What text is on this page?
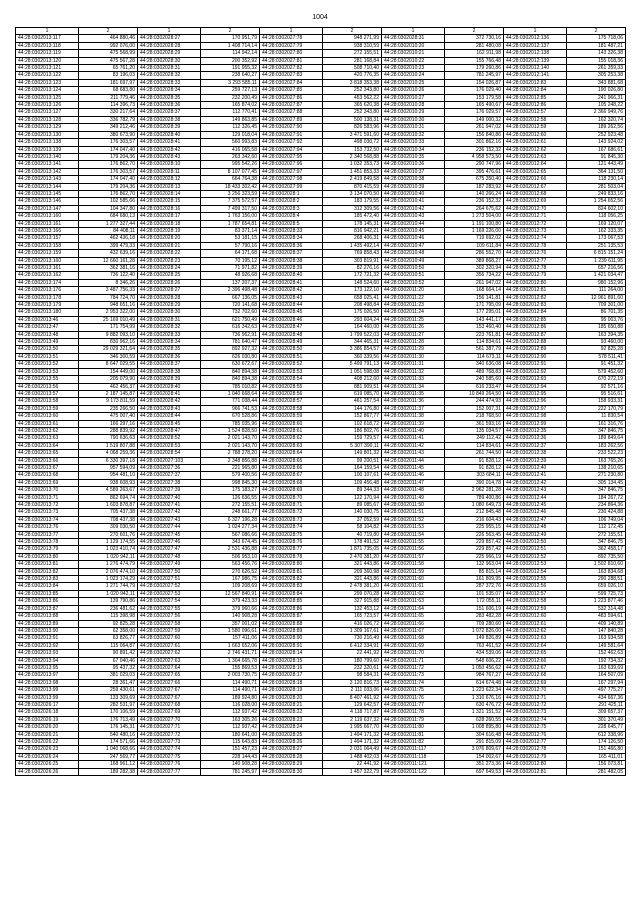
1004
1	2	1	2	1	2	1	2	1	2
44:28:0302013:117	464 880,46	44:28:0302028:27	170 951,79	44:28:0302027:78	948 271,99	44:28:0302028:31	372 730,16	44:28:0302012:136	175 718,06
44:28:0302013:118	992 076,00	44:28:0302028:28	1 408 714,14	44:28:0302027:79	938 310,59	44:28:0302010:20	281 480,08	44:28:0302012:137	181 487,21
44:28:0302013:119	475 568,99	44:28:0302028:29	114 942,14	44:28:0302027:80	272 155,51	44:28:0302010:21	162 911,98	44:28:0302012:138	143 326,38
44:28:0302013:120	475 567,28	44:28:0302028:30	200 352,92	44:28:0302027:81	281 168,84	44:28:0302010:22	155 766,48	44:28:0302012:139	155 018,36
44:28:0302013:121	65 761,20	44:28:0302028:31	191 955,32	44:28:0302027:82	508 710,40	44:28:0302010:23	179 260,86	44:28:0302012:140	261 359,33
44:28:0302013:122	83 196,03	44:28:0302028:32	238 640,27	44:28:0302027:83	420 776,35	44:28:0302010:24	781 245,97	44:28:0302012:141	305 253,38
44:28:0302013:123	181 697,97	44:28:0302028:33	3 293 585,11	44:28:0302027:84	3 818 353,38	44:28:0302010:25	154 026,87	44:28:0302012:83	343 881,68
44:28:0302013:124	68 683,80	44:28:0302028:34	259 727,13	44:28:0302027:85	252 343,80	44:28:0302010:26	176 029,40	44:28:0302012:84	190 026,80
44:28:0302013:125	211 779,46	44:28:0302028:35	232 200,49	44:28:0302027:86	453 562,22	44:28:0302010:27	153 179,58	44:28:0302012:85	241 966,31
44:28:0302013:126	114 396,73	44:28:0302028:36	165 874,02	44:28:0302027:87	365 620,38	44:28:0302010:28	165 490,67	44:28:0302012:86	105 248,22
44:28:0302013:127	330 217,64	44:28:0302028:37	112 770,41	44:28:0302027:88	252 343,80	44:28:0302010:29	176 029,57	44:28:0302012:57	2 366 949,76
44:28:0302013:128	336 782,79	44:28:0302028:38	149 863,85	44:28:0302027:89	500 138,31	44:28:0302010:30	149 000,32	44:28:0302012:58	162 320,74
44:28:0302013:129	349 212,46	44:28:0302028:39	112 326,45	44:28:0302027:90	826 583,96	44:28:0302010:31	261 947,02	44:28:0302012:59	189 262,56
44:28:0302013:130	380 673,90	44:28:0302028:40	129 018,04	44:28:0302027:91	3 471 591,60	44:28:0302010:32	156 840,86	44:28:0302012:60	252 923,48
44:28:0302013:138	176 303,57	44:28:0302028:41	560 993,83	44:28:0302027:92	498 030,72	44:28:0302010:33	301 862,16	44:28:0302012:61	143 924,02
44:28:0302013:139	174 047,40	44:28:0302028:42	416 065,58	44:28:0302027:94	153 732,50	44:28:0302010:34	236 152,32	44:28:0302012:62	167 686,61
44:28:0302013:140	179 204,36	44:28:0302028:43	263 342,60	44:28:0302027:95	2 340 568,88	44:28:0302010:35	4 958 573,50	44:28:0302012:63	91 845,30
44:28:0302013:141	176 862,70	44:28:0302028:10	995 542,26	44:28:0302027:96	1 032 353,73	44:28:0302010:36	290 747,96	44:28:0302012:64	121 443,49
44:28:0302013:142	176 303,57	44:28:0302028:11	8 107 077,45	44:28:0302027:97	1 451 853,33	44:28:0302010:37	395 476,61	44:28:0302012:65	364 131,50
44:28:0302013:143	174 047,40	44:28:0302028:12	664 764,38	44:28:0302027:98	2 419 849,58	44:28:0302010:38	675 350,40	44:28:0302012:66	118 230,14
44:28:0302013:144	179 204,36	44:28:0302028:13	18 433 302,42	44:28:0302027:99	870 415,59	44:28:0302010:39	187 283,92	44:28:0302012:67	281 503,04
44:28:0302013:145	176 862,70	44:28:0302028:14	3 256 323,59	44:28:0302028:1	3 134 070,50	44:28:0302010:40	140 266,24	44:28:0302012:68	249 833,16
44:28:0302013:146	102 585,66	44:28:0302028:15	7 375 572,57	44:28:0302028:2	183 179,55	44:28:0302010:41	236 152,32	44:28:0302012:69	1 254 652,56
44:28:0302013:147	104 347,80	44:28:0302028:16	7 499 317,50	44:28:0302028:3	312 309,56	44:28:0302010:42	264 675,62	44:28:0302012:70	824 602,10
44:28:0302013:160	684 680,13	44:28:0302028:17	1 763 156,00	44:28:0302028:4	185 472,40	44:28:0302010:43	1 273 504,00	44:28:0302012:71	118 056,25
44:28:0302013:161	1 277 327,44	44:28:0302028:18	1 787 654,81	44:28:0302028:5	178 145,31	44:28:0302010:44	1 191 100,80	44:28:0302012:72	169 120,07
44:28:0302013:166	84 408,11	44:28:0302028:19	83 371,14	44:28:0302028:33	816 942,21	44:28:0302010:45	1 169 226,00	44:28:0302012:73	162 333,35
44:28:0302013:157	462 436,18	44:28:0302028:20	53 181,15	44:28:0302028:34	268 406,31	44:28:0302010:46	719 692,02	44:28:0302012:74	173 067,53
44:28:0302013:158	399 479,33	44:28:0302028:21	57 790,16	44:28:0302028:36	1 435 492,14	44:28:0302010:47	109 611,84	44:28:0302012:78	251 135,53
44:28:0302013:159	432 639,16	44:28:0302028:22	64 171,68	44:28:0302028:37	769 858,43	44:28:0302010:48	286 552,70	44:28:0302012:76	6 815 151,24
44:28:0302013:160	12 660 161,28	44:28:0302028:23	70 195,12	44:28:0302028:38	303 819,91	44:28:0302010:49	389 868,27	44:28:0302012:77	1 239 611,95
44:28:0302013:161	362 381,16	44:28:0302028:24	71 971,82	44:28:0302028:39	82 276,16	44:28:0302010:50	302 320,94	44:28:0302012:78	657 216,56
44:28:0302013:162	736 122,40	44:28:0302028:25	48 926,68	44:28:0302028:40	172 721,32	44:28:0302010:51	356 734,22	44:28:0302012:79	1 421 034,47
44:28:0302013:174	8 346,26	44:28:0302028:26	137 207,37	44:28:0302028:41	148 524,60	44:28:0302010:52	261 947,02	44:28:0302012:80	980 152,96
44:28:0302013:176	3 487 756,33	44:28:0302028:27	2 396 498,48	44:28:0302028:42	173 122,10	44:28:0302011:20	168 664,14	44:28:0302012:81	111 264,00
44:28:0302013:178	784 724,70	44:28:0302028:28	667 136,05	44:28:0302028:43	658 025,41	44:28:0302011:22	156 141,81	44:28:0302012:82	12 961 891,60
44:28:0302013:179	948 651,16	44:28:0302028:29	720 141,68	44:28:0302028:44	208 498,84	44:28:0302011:23	171 795,09	44:28:0302012:83	709 301,00
44:28:0302013:180	2 953 322,00	44:28:0302028:30	732 702,60	44:28:0302028:45	175 026,50	44:28:0302011:24	177 295,01	44:28:0302012:84	86 701,35
44:28:0302013:46	25 169 010,49	44:28:0302028:31	621 750,49	44:28:0302028:46	293 604,24	44:28:0302011:25	143 441,17	44:28:0302012:85	95 003,76
44:28:0302013:47	171 754,99	44:28:0302028:32	616 342,63	44:28:0302028:47	164 460,00	44:28:0302011:26	153 460,40	44:28:0302012:86	185 650,88
44:28:0302013:48	9 882 093,10	44:28:0302028:33	736 962,91	44:28:0302028:48	1 799 522,03	44:28:0302011:27	223 761,81	44:28:0302012:87	163 394,35
44:28:0302013:49	830 962,16	44:28:0302028:34	781 640,47	44:28:0302028:49	344 465,31	44:28:0302011:28	114 834,61	44:28:0302012:88	93 460,00
44:28:0302013:50	29 029 321,64	44:28:0302028:35	892 927,32	44:28:0302028:50	3 386 854,57	44:28:0302011:29	561 387,79	44:28:0302012:89	92 825,28
44:28:0302013:51	346 300,59	44:28:0302028:36	626 030,80	44:28:0302028:51	360 339,56	44:28:0302011:30	114 673,11	44:28:0302012:90	578 511,41
44:28:0302013:52	8 647 029,55	44:28:0302028:37	630 672,67	44:28:0302028:52	5 499 791,13	44:28:0302011:31	340 636,08	44:28:0302012:91	91 451,32
44:28:0302013:53	154 449,00	44:28:0302028:38	840 894,38	44:28:0302028:53	1 051 598,08	44:28:0302011:32	489 768,83	44:28:0302012:92	579 452,60
44:28:0302013:55	205 079,90	44:28:0302028:39	840 894,38	44:28:0302028:54	408 212,60	44:28:0302011:33	240 585,60	44:28:0302012:93	670 272,19
44:28:0302013:56	462 456,37	44:28:0302028:40	785 010,82	44:28:0302028:55	881 909,51	44:28:0302011:34	616 233,47	44:28:0302012:94	92 571,16
44:28:0302013:57	2 187 145,87	44:28:0302028:41	1 040 668,64	44:28:0302028:56	619 085,70	44:28:0302011:35	10 849 264,50	44:28:0302012:95	95 516,61
44:28:0302013:58	9 173 811,59	44:28:0302028:42	771 038,44	44:28:0302028:57	461 257,54	44:28:0302011:36	244 474,93	44:28:0302012:96	158 933,31
44:28:0302013:59	235 266,50	44:28:0302028:43	966 741,53	44:28:0302028:58	144 176,80	44:28:0302011:37	152 007,31	44:28:0302012:97	222 170,79
44:28:0302013:60	475 007,40	44:28:0302028:44	670 528,86	44:28:0302028:59	152 867,77	44:28:0302011:38	218 768,50	44:28:0302012:98	11 830,54
44:28:0302013:61	166 297,16	44:28:0302028:45	785 035,96	44:28:0302028:60	102 618,72	44:28:0302011:39	361 593,16	44:28:0302012:99	161 316,76
44:28:0302013:62	288 839,92	44:28:0302028:47	1 524 828,50	44:28:0302028:61	186 802,76	44:28:0302011:40	135 034,57	44:28:0302012:35	347 846,75
44:28:0302013:63	790 636,63	44:28:0302028:52	2 021 143,70	44:28:0302028:62	159 729,57	44:28:0302011:41	249 112,42	44:28:0302012:36	189 849,64
44:28:0302013:64	1 519 807,88	44:28:0302028:53	2 021 143,70	44:28:0302028:63	5 307 390,11	44:28:0302011:42	114 834,61	44:28:0302012:37	183 262,56
44:28:0302013:65	4 068 259,36	44:28:0302028:54	2 788 278,20	44:28:0302028:64	149 801,32	44:28:0302011:43	261 744,50	44:28:0302012:38	233 522,23
44:28:0302013:66	6 330 397,18	44:28:0302027:103	2 348 856,88	44:28:0302028:65	99 200,51	44:28:0302011:44	91 828,12	44:28:0302012:39	163 765,26
44:28:0302013:67	957 594,09	44:28:0302027:36	221 965,80	44:28:0302028:66	164 159,54	44:28:0302011:45	91 828,12	44:28:0302012:40	138 210,65
44:28:0302013:68	954 481,10	44:28:0302027:37	579 400,56	44:28:0302028:67	100 107,61	44:28:0302011:46	303 684,11	44:28:0302012:41	271 230,80
44:28:0302013:69	938 608,93	44:28:0302027:38	998 845,30	44:28:0302028:68	109 456,48	44:28:0302011:47	390 014,78	44:28:0302012:42	305 134,45
44:28:0302013:70	4 589 263,67	44:28:0302027:39	175 183,27	44:28:0302028:69	89 344,33	44:28:0302011:48	2 962 281,28	44:28:0302012:43	347 846,75
44:28:0302013:71	862 694,74	44:28:0302027:40	126 636,55	44:28:0302028:70	122 170,94	44:28:0302011:49	789 400,86	44:28:0302012:44	184 267,72
44:28:0302013:72	1 603 878,87	44:28:0302027:41	272 155,51	44:28:0302028:71	89 085,67	44:28:0302011:50	1 080 649,73	44:28:0302012:45	234 864,36
44:28:0302013:73	705 437,38	44:28:0302027:42	248 661,77	44:28:0302028:72	140 030,75	44:28:0302011:51	212 845,48	44:28:0302012:46	230 424,88
44:28:0302013:74	708 437,38	44:28:0302027:43	6 327 196,28	44:28:0302028:73	37 052,59	44:28:0302011:52	216 604,43	44:28:0302012:47	106 749,04
44:28:0302013:76	309 030,50	44:28:0302027:44	1 024 277,34	44:28:0302028:74	58 104,82	44:28:0302011:53	225 955,15	44:28:0302012:48	112 172,45
44:28:0302013:77	270 601,76	44:28:0302027:45	567 086,66	44:28:0302028:75	40 719,80	44:28:0302011:54	226 563,45	44:28:0302012:49	272 155,51
44:28:0302013:78	1 129 174,55	44:28:0302027:46	343 674,45	44:28:0302028:76	178 491,52	44:28:0302011:55	229 857,42	44:28:0302012:50	347 846,75
44:28:0302013:79	1 023 410,74	44:28:0302027:47	2 531 436,88	44:28:0302028:77	1 871 735,05	44:28:0302011:56	229 857,42	44:28:0302012:51	362 458,17
44:28:0302013:80	1 020 942,11	44:28:0302027:48	506 953,10	44:28:0302028:78	2 470 381,20	44:28:0302011:57	225 966,19	44:28:0302012:52	892 735,50
44:28:0302013:81	1 276 474,79	44:28:0302027:49	563 456,76	44:28:0302028:80	321 443,86	44:28:0302011:58	132 963,04	44:28:0302012:53	1 502 810,60
44:28:0302013:82	2 076 474,10	44:28:0302027:50	270 626,52	44:28:0302028:81	209 360,98	44:28:0302011:59	85 815,14	44:28:0302012:54	163 834,68
44:28:0302013:83	1 023 174,29	44:28:0302027:51	167 986,75	44:28:0302028:82	321 443,86	44:28:0302011:60	161 809,95	44:28:0302012:55	290 288,51
44:28:0302013:84	1 271 744,79	44:28:0302027:52	109 208,69	44:28:0302028:83	2 478 381,20	44:28:0302011:61	287 372,76	44:28:0302012:56	659 026,10
44:28:0302013:85	1 020 942,11	44:28:0302027:53	12 567 840,91	44:28:0302028:84	299 070,28	44:28:0302011:62	101 535,07	44:28:0302012:57	599 725,73
44:28:0302013:86	139 790,86	44:28:0302027:54	379 423,33	44:28:0302028:85	327 915,88	44:28:0302011:63	172 055,11	44:28:0302012:58	1 223 877,46
44:28:0302013:87	236 481,62	44:28:0302027:55	379 960,66	44:28:0302028:86	132 453,12	44:28:0302011:64	151 606,19	44:28:0302012:59	532 314,48
44:28:0302013:88	115 398,98	44:28:0302027:56	140 908,28	44:28:0302028:87	165 723,57	44:28:0302011:65	283 482,28	44:28:0302012:60	483 594,61
44:28:0302013:89	92 825,28	44:28:0302027:58	357 001,02	44:28:0302028:88	416 026,72	44:28:0302011:66	709 280,60	44:28:0302012:61	409 140,89
44:28:0302013:90	62 358,00	44:28:0302027:59	1 580 096,61	44:28:0302028:89	1 309 167,61	44:28:0302011:67	1 072 826,00	44:28:0302012:62	147 840,28
44:28:0302013:91	63 826,77	44:28:0302027:60	157 411,06	44:28:0302028:90	730 216,49	44:28:0302011:68	149 826,89	44:28:0302012:63	163 934,58
44:28:0302013:92	115 064,87	44:28:0302027:61	1 663 652,06	44:28:0302028:91	6 412 334,91	44:28:0302011:69	763 461,52	44:28:0302012:64	149 581,64
44:28:0302013:93	90 891,42	44:28:0302027:62	2 746 431,71	44:28:0302028:14	22 441,92	44:28:0302011:70	434 539,06	44:28:0302012:65	152 462,63
44:28:0302013:94	67 040,46	44:28:0302027:63	1 304 665,78	44:28:0302028:15	180 799,60	44:28:0302011:71	548 606,22	44:28:0302012:66	192 734,32
44:28:0302013:95	95 437,32	44:28:0302027:64	155 869,53	44:28:0302028:16	232 320,61	44:28:0302011:72	1 050 456,62	44:28:0302012:67	163 639,69
44:28:0302013:97	381 029,03	44:28:0302027:65	2 003 730,75	44:28:0302028:17	98 584,31	44:28:0302011:73	984 767,27	44:28:0302012:68	164 507,09
44:28:0302013:98	28 361,47	44:28:0302027:66	114 490,71	44:28:0302028:18	3 120 816,73	44:28:0302011:74	614 674,48	44:28:0302012:69	167 297,94
44:28:0302013:99	259 430,61	44:28:0302027:67	114 490,71	44:28:0302028:19	2 111 033,06	44:28:0302011:75	1 223 622,34	44:28:0302012:70	497 775,27
44:28:0302013:99	133 309,69	44:28:0302027:67	189 924,80	44:28:0302028:20	8 407 461,92	44:28:0302011:76	1 310 676,16	44:28:0302012:71	434 667,36
44:28:0302026:17	282 531,97	44:28:0302027:68	116 028,00	44:28:0302028:21	129 642,57	44:28:0302011:77	630 476,72	44:28:0302012:72	291 425,11
44:28:0302026:18	170 106,59	44:28:0302027:69	112 937,42	44:28:0302028:22	4 118 717,87	44:28:0302011:78	1 321 151,52	44:28:0302012:73	309 657,37
44:28:0302026:19	176 713,49	44:28:0302027:70	163 305,26	44:28:0302028:23	2 119 637,32	44:28:0302011:79	628 260,55	44:28:0302012:74	301 370,49
44:28:0302026:20	176 145,31	44:28:0302027:71	112 937,42	44:28:0302028:24	1 995 667,70	44:28:0302011:80	1 008 895,80	44:28:0302012:75	228 645,77
44:28:0302026:21	540 480,16	44:28:0302027:72	180 641,00	44:28:0302028:25	1 494 171,32	44:28:0302011:81	304 616,48	44:28:0302012:76	612 338,96
44:28:0302026:22	174 571,66	44:28:0302027:73	115 643,83	44:28:0302028:26	1 494 171,32	44:28:0302011:82	291 815,09	44:28:0302012:77	174 126,50
44:28:0302026:23	1 040 068,66	44:28:0302027:74	151 457,23	44:28:0302028:27	2 031 064,49	44:28:0302011:117	3 076 809,67	44:28:0302012:78	151 466,80
44:28:0302026:24	247 569,77	44:28:0302027:75	228 144,43	44:28:0302028:28	1 488 402,03	44:28:0302011:118	154 002,67	44:28:0302012:79	165 411,01
44:28:0302026:25	168 961,12	44:28:0302027:76	140 908,28	44:28:0302028:29	22 441,92	44:28:0302011:121	351 273,36	44:28:0302012:80	156 073,81
44:28:0302026:26	189 282,38	44:28:0302027:77	781 245,97	44:28:0302028:30	1 457 322,79	44:28:0302011:122	697 649,53	44:28:0302012:81	281 482,05
